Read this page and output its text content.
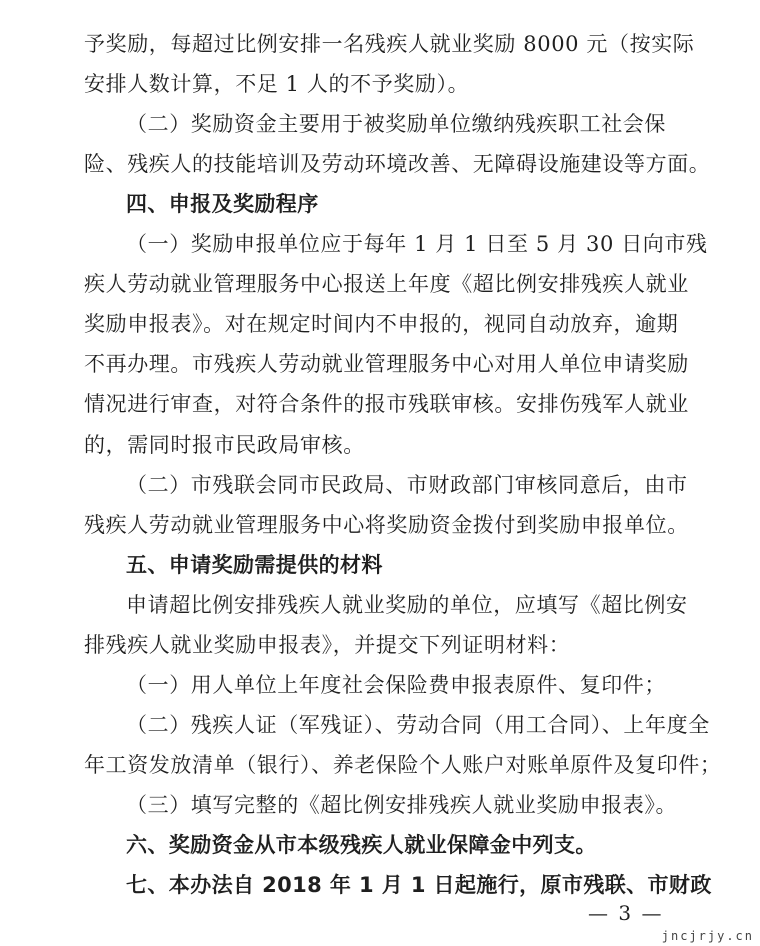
予奖励，每超过比例安排一名残疾人就业奖励 8000 元（按实际
安排人数计算，不足 1 人的不予奖励）。
（二）奖励资金主要用于被奖励单位缴纳残疾职工社会保
险、残疾人的技能培训及劳动环境改善、无障碍设施建设等方面。
四、申报及奖励程序
（一）奖励申报单位应于每年 1 月 1 日至 5 月 30 日向市残
疾人劳动就业管理服务中心报送上年度《超比例安排残疾人就业
奖励申报表》。对在规定时间内不申报的，视同自动放弃，逾期
不再办理。市残疾人劳动就业管理服务中心对用人单位申请奖励
情况进行审查，对符合条件的报市残联审核。安排伤残军人就业
的，需同时报市民政局审核。
（二）市残联会同市民政局、市财政部门审核同意后，由市
残疾人劳动就业管理服务中心将奖励资金拨付到奖励申报单位。
五、申请奖励需提供的材料
申请超比例安排残疾人就业奖励的单位，应填写《超比例安
排残疾人就业奖励申报表》，并提交下列证明材料：
（一）用人单位上年度社会保险费申报表原件、复印件；
（二）残疾人证（军残证）、劳动合同（用工合同）、上年度全
年工资发放清单（银行）、养老保险个人账户对账单原件及复印件；
（三）填写完整的《超比例安排残疾人就业奖励申报表》。
六、奖励资金从市本级残疾人就业保障金中列支。
七、本办法自 2018 年 1 月 1 日起施行，原市残联、市财政
— 3 —
jncjrjy.cn
